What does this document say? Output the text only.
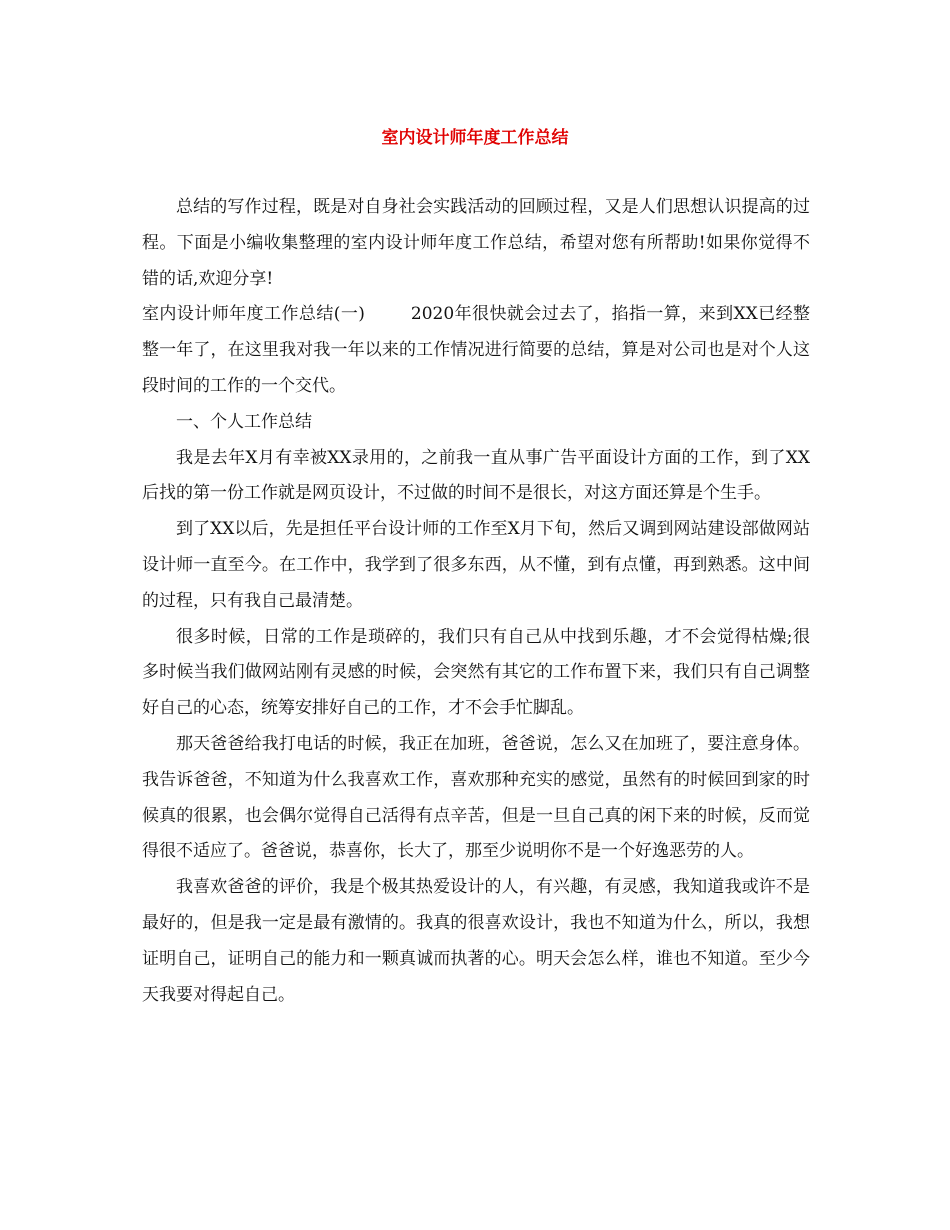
室内设计师年度工作总结

总结的写作过程，既是对自身社会实践活动的回顾过程，又是人们思想认识提高的过程。下面是小编收集整理的室内设计师年度工作总结，希望对您有所帮助!如果你觉得不错的话,欢迎分享!

室内设计师年度工作总结(一)	2020年很快就会过去了，掐指一算，来到XX已经整整一年了，在这里我对我一年以来的工作情况进行简要的总结，算是对公司也是对个人这段时间的工作的一个交代。

一、个人工作总结

我是去年X月有幸被XX录用的，之前我一直从事广告平面设计方面的工作，到了XX后找的第一份工作就是网页设计，不过做的时间不是很长，对这方面还算是个生手。

到了XX以后，先是担任平台设计师的工作至X月下旬，然后又调到网站建设部做网站设计师一直至今。在工作中，我学到了很多东西，从不懂，到有点懂，再到熟悉。这中间的过程，只有我自己最清楚。

很多时候，日常的工作是琐碎的，我们只有自己从中找到乐趣，才不会觉得枯燥;很多时候当我们做网站刚有灵感的时候，会突然有其它的工作布置下来，我们只有自己调整好自己的心态，统筹安排好自己的工作，才不会手忙脚乱。

那天爸爸给我打电话的时候，我正在加班，爸爸说，怎么又在加班了，要注意身体。我告诉爸爸，不知道为什么我喜欢工作，喜欢那种充实的感觉，虽然有的时候回到家的时候真的很累，也会偶尔觉得自己活得有点辛苦，但是一旦自己真的闲下来的时候，反而觉得很不适应了。爸爸说，恭喜你，长大了，那至少说明你不是一个好逸恶劳的人。

我喜欢爸爸的评价，我是个极其热爱设计的人，有兴趣，有灵感，我知道我或许不是最好的，但是我一定是最有激情的。我真的很喜欢设计，我也不知道为什么，所以，我想证明自己，证明自己的能力和一颗真诚而执著的心。明天会怎么样，谁也不知道。至少今天我要对得起自己。
